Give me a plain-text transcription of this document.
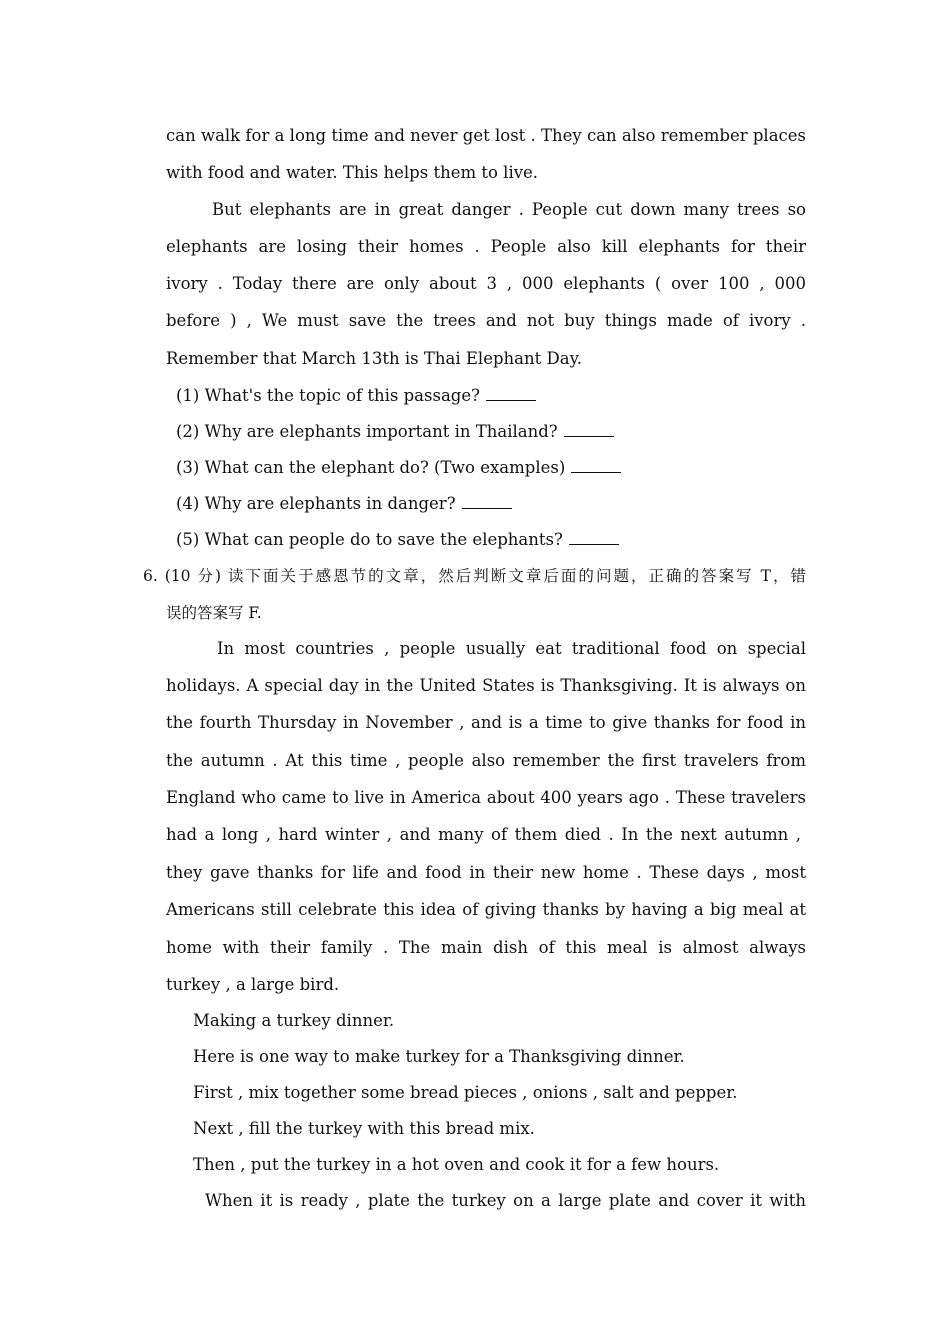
can walk for a long time and never get lost . They can also remember places
with food and water. This helps them to live.
But elephants are in great danger . People cut down many trees so
elephants are losing their homes . People also kill elephants for their
ivory . Today there are only about 3 , 000 elephants ( over 100 , 000
before ) , We must save the trees and not buy things made of ivory .
Remember that March 13th is Thai Elephant Day.
(1) What's the topic of this passage?
(2) Why are elephants important in Thailand?
(3) What can the elephant do? (Two examples)
(4) Why are elephants in danger?
(5) What can people do to save the elephants?
6. (10 分) 读下面关于感恩节的文章，然后判断文章后面的问题，正确的答案写 T，错
误的答案写 F.
In most countries , people usually eat traditional food on special
holidays. A special day in the United States is Thanksgiving. It is always on
the fourth Thursday in November , and is a time to give thanks for food in
the autumn . At this time , people also remember the first travelers from
England who came to live in America about 400 years ago . These travelers
had a long , hard winter , and many of them died . In the next autumn ,
they gave thanks for life and food in their new home . These days , most
Americans still celebrate this idea of giving thanks by having a big meal at
home with their family . The main dish of this meal is almost always
turkey , a large bird.
Making a turkey dinner.
Here is one way to make turkey for a Thanksgiving dinner.
First , mix together some bread pieces , onions , salt and pepper.
Next , fill the turkey with this bread mix.
Then , put the turkey in a hot oven and cook it for a few hours.
When it is ready , plate the turkey on a large plate and cover it with
